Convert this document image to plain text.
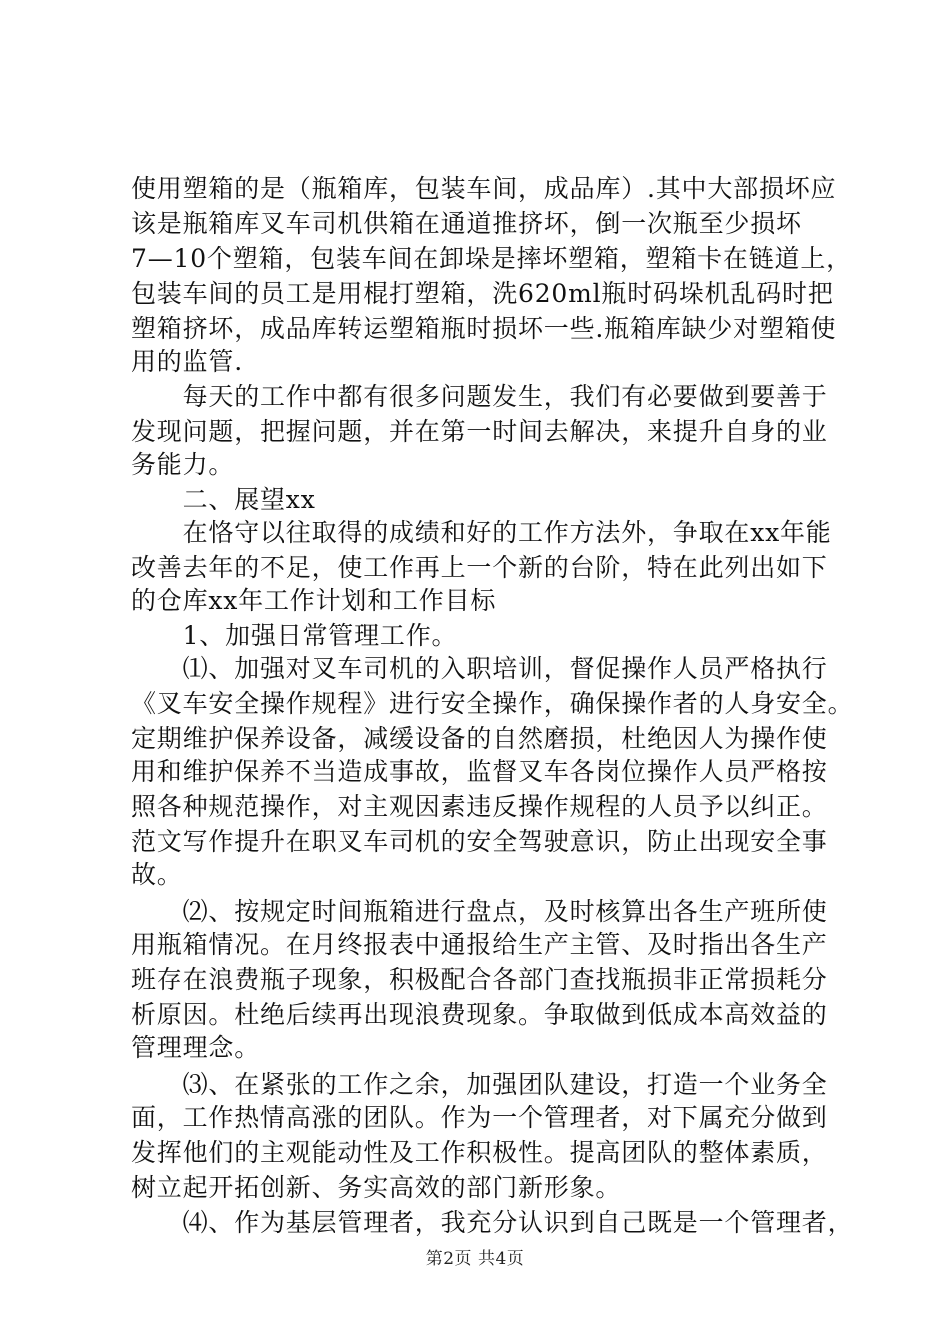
使用塑箱的是（瓶箱库，包装车间，成品库）.其中大部损坏应
该是瓶箱库叉车司机供箱在通道推挤坏，倒一次瓶至少损坏
7—10个塑箱，包装车间在卸垛是摔坏塑箱，塑箱卡在链道上，
包装车间的员工是用棍打塑箱，洗620ml瓶时码垛机乱码时把
塑箱挤坏，成品库转运塑箱瓶时损坏一些.瓶箱库缺少对塑箱使
用的监管.
　　每天的工作中都有很多问题发生，我们有必要做到要善于
发现问题，把握问题，并在第一时间去解决，来提升自身的业
务能力。
　　二、展望xx
　　在恪守以往取得的成绩和好的工作方法外，争取在xx年能
改善去年的不足，使工作再上一个新的台阶，特在此列出如下
的仓库xx年工作计划和工作目标
　　1、加强日常管理工作。
　　⑴、加强对叉车司机的入职培训，督促操作人员严格执行
《叉车安全操作规程》进行安全操作，确保操作者的人身安全。
定期维护保养设备，减缓设备的自然磨损，杜绝因人为操作使
用和维护保养不当造成事故，监督叉车各岗位操作人员严格按
照各种规范操作，对主观因素违反操作规程的人员予以纠正。
范文写作提升在职叉车司机的安全驾驶意识，防止出现安全事
故。
　　⑵、按规定时间瓶箱进行盘点，及时核算出各生产班所使
用瓶箱情况。在月终报表中通报给生产主管、及时指出各生产
班存在浪费瓶子现象，积极配合各部门查找瓶损非正常损耗分
析原因。杜绝后续再出现浪费现象。争取做到低成本高效益的
管理理念。
　　⑶、在紧张的工作之余，加强团队建设，打造一个业务全
面，工作热情高涨的团队。作为一个管理者，对下属充分做到
发挥他们的主观能动性及工作积极性。提高团队的整体素质，
树立起开拓创新、务实高效的部门新形象。
　　⑷、作为基层管理者，我充分认识到自己既是一个管理者，
第2页 共4页
